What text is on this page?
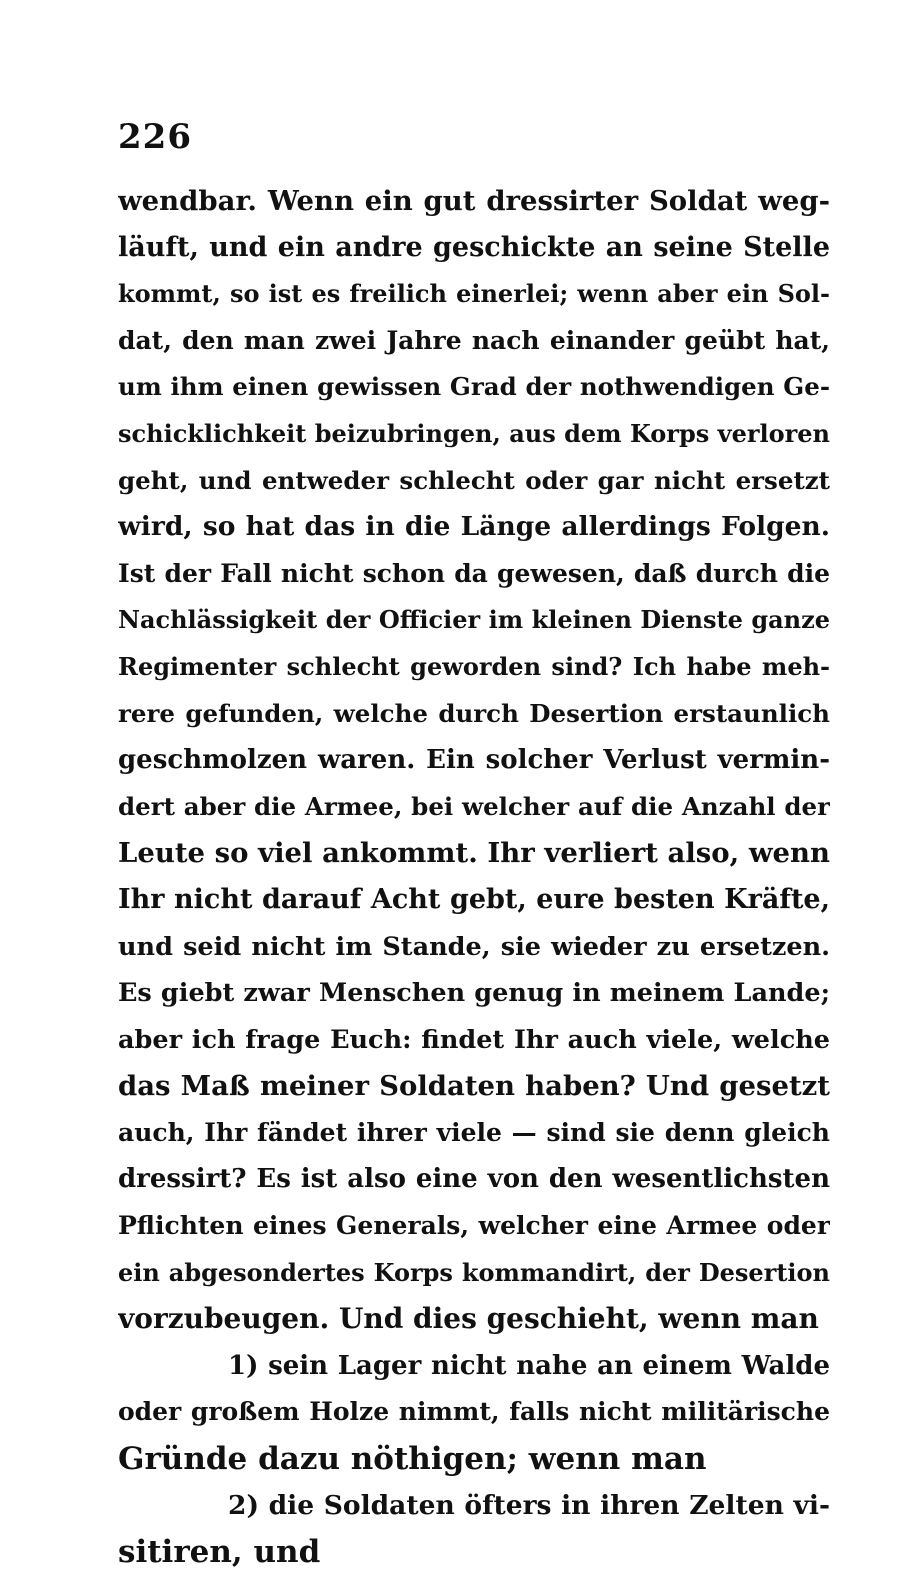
226
wendbar. Wenn ein gut dressirter Soldat weg-
läuft, und ein andre geschickte an seine Stelle
kommt, so ist es freilich einerlei; wenn aber ein Sol-
dat, den man zwei Jahre nach einander geübt hat,
um ihm einen gewissen Grad der nothwendigen Ge-
schicklichkeit beizubringen, aus dem Korps verloren
geht, und entweder schlecht oder gar nicht ersetzt
wird, so hat das in die Länge allerdings Folgen.
Ist der Fall nicht schon da gewesen, daß durch die
Nachlässigkeit der Officier im kleinen Dienste ganze
Regimenter schlecht geworden sind? Ich habe meh-
rere gefunden, welche durch Desertion erstaunlich
geschmolzen waren. Ein solcher Verlust vermin-
dert aber die Armee, bei welcher auf die Anzahl der
Leute so viel ankommt. Ihr verliert also, wenn
Ihr nicht darauf Acht gebt, eure besten Kräfte,
und seid nicht im Stande, sie wieder zu ersetzen.
Es giebt zwar Menschen genug in meinem Lande;
aber ich frage Euch: findet Ihr auch viele, welche
das Maß meiner Soldaten haben? Und gesetzt
auch, Ihr fändet ihrer viele — sind sie denn gleich
dressirt? Es ist also eine von den wesentlichsten
Pflichten eines Generals, welcher eine Armee oder
ein abgesondertes Korps kommandirt, der Desertion
vorzubeugen. Und dies geschieht, wenn man
1) sein Lager nicht nahe an einem Walde
oder großem Holze nimmt, falls nicht militärische
Gründe dazu nöthigen; wenn man
2) die Soldaten öfters in ihren Zelten vi-
sitiren, und
